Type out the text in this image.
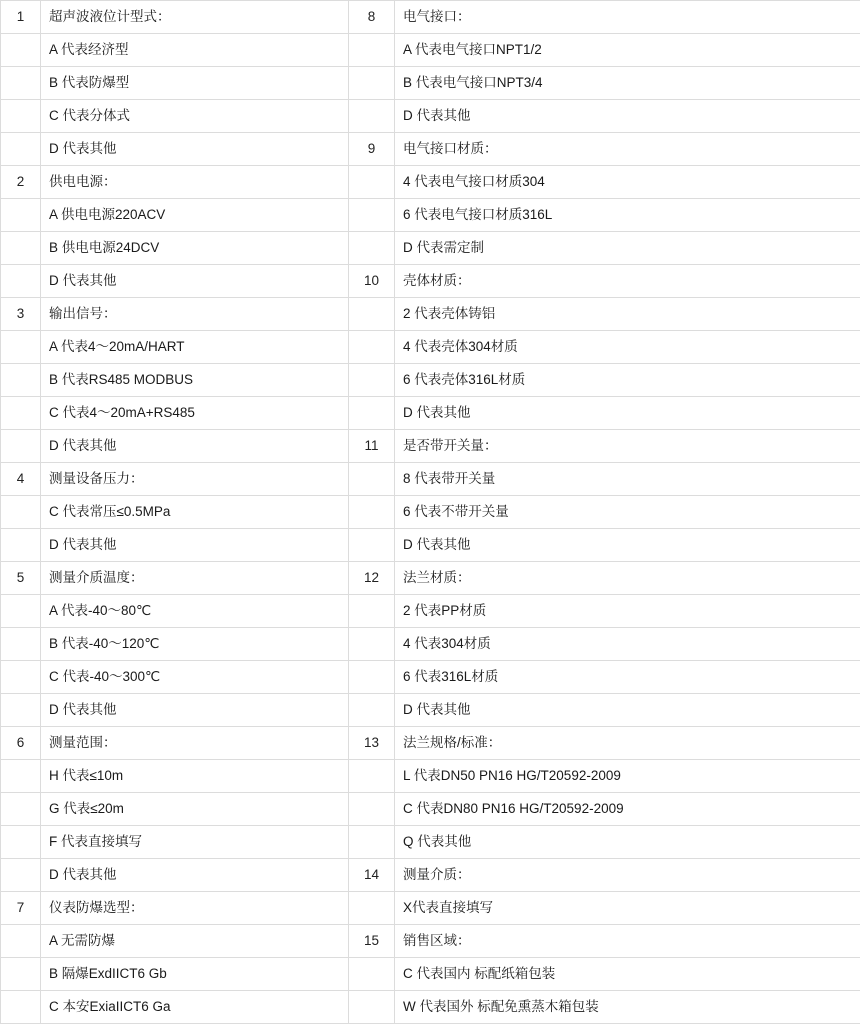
1	超声波液位计型式：	8	电气接口：
	A 代表经济型		A 代表电气接口NPT1/2
	B 代表防爆型		B 代表电气接口NPT3/4
	C 代表分体式		D 代表其他
	D 代表其他	9	电气接口材质：
2	供电电源：		4 代表电气接口材质304
	A 供电电源220ACV		6 代表电气接口材质316L
	B 供电电源24DCV		D 代表需定制
	D 代表其他	10	壳体材质：
3	输出信号：		2 代表壳体铸铝
	A 代表4～20mA/HART		4 代表壳体304材质
	B 代表RS485 MODBUS		6 代表壳体316L材质
	C 代表4～20mA+RS485		D 代表其他
	D 代表其他	11	是否带开关量：
4	测量设备压力：		8 代表带开关量
	C 代表常压≤0.5MPa		6 代表不带开关量
	D 代表其他		D 代表其他
5	测量介质温度：	12	法兰材质：
	A 代表-40～80℃		2 代表PP材质
	B 代表-40～120℃		4 代表304材质
	C 代表-40～300℃		6 代表316L材质
	D 代表其他		D 代表其他
6	测量范围：	13	法兰规格/标准：
	H 代表≤10m		L 代表DN50 PN16 HG/T20592-2009
	G 代表≤20m		C 代表DN80 PN16 HG/T20592-2009
	F 代表直接填写		Q 代表其他
	D 代表其他	14	测量介质：
7	仪表防爆选型：		X代表直接填写
	A 无需防爆	15	销售区域：
	B 隔爆ExdIICT6 Gb		C 代表国内 标配纸箱包装
	C 本安ExiaIICT6 Ga		W 代表国外 标配免熏蒸木箱包装
